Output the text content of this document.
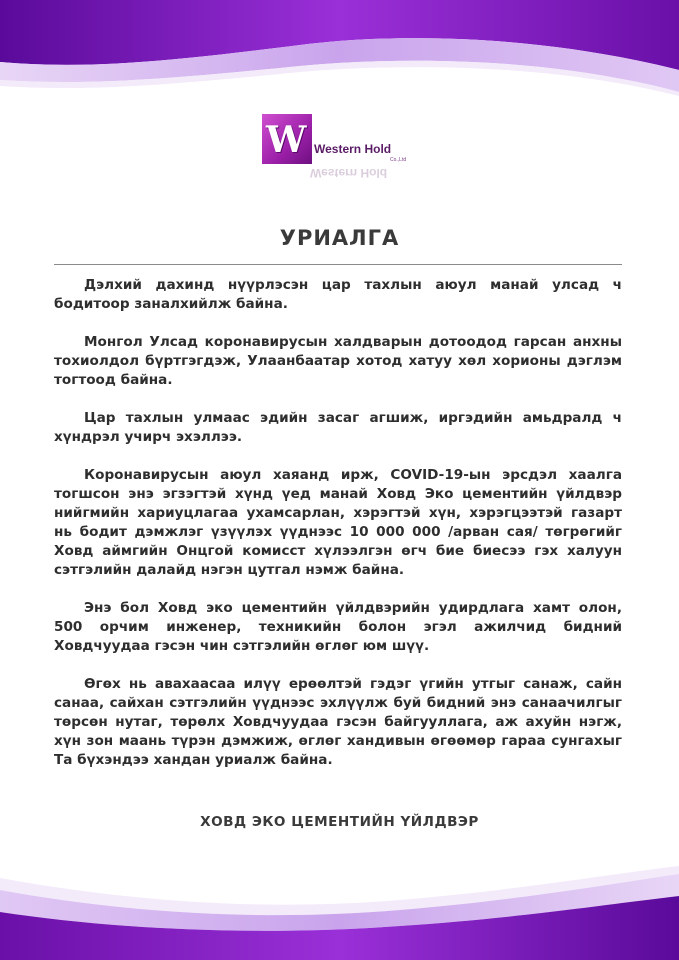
W Western Hold
Co.,Ltd
Western Hold
УРИАЛГА

Дэлхий дахинд нүүрлэсэн цар тахлын аюул манай улсад ч бодитоор заналхийлж байна.

Монгол Улсад коронавирусын халдварын дотоодод гарсан анхны тохиолдол бүртгэгдэж, Улаанбаатар хотод хатуу хөл хорионы дэглэм тогтоод байна.

Цар тахлын улмаас эдийн засаг агшиж, иргэдийн амьдралд ч хүндрэл учирч эхэллээ.

Коронавирусын аюул хаяанд ирж, COVID-19-ын эрсдэл хаалга тогшсон энэ эгзэгтэй хүнд үед манай Ховд Эко цементийн үйлдвэр нийгмийн хариуцлагаа ухамсарлан, хэрэгтэй хүн, хэрэгцээтэй газарт нь бодит дэмжлэг үзүүлэх үүднээс 10 000 000 /арван сая/ төгрөгийг Ховд аймгийн Онцгой комисст хүлээлгэн өгч бие биесээ гэх халуун сэтгэлийн далайд нэгэн цутгал нэмж байна.

Энэ бол Ховд эко цементийн үйлдвэрийн удирдлага хамт олон, 500 орчим инженер, техникийн болон эгэл ажилчид бидний Ховдчуудаа гэсэн чин сэтгэлийн өглөг юм шүү.

Өгөх нь авахаасаа илүү ерөөлтэй гэдэг үгийн утгыг санаж, сайн санаа, сайхан сэтгэлийн үүднээс эхлүүлж буй бидний энэ санаачилгыг төрсөн нутаг, төрөлх Ховдчуудаа гэсэн байгууллага, аж ахуйн нэгж, хүн зон маань түрэн дэмжиж, өглөг хандивын өгөөмөр гараа сунгахыг Та бүхэндээ хандан уриалж байна.

ХОВД ЭКО ЦЕМЕНТИЙН ҮЙЛДВЭР
